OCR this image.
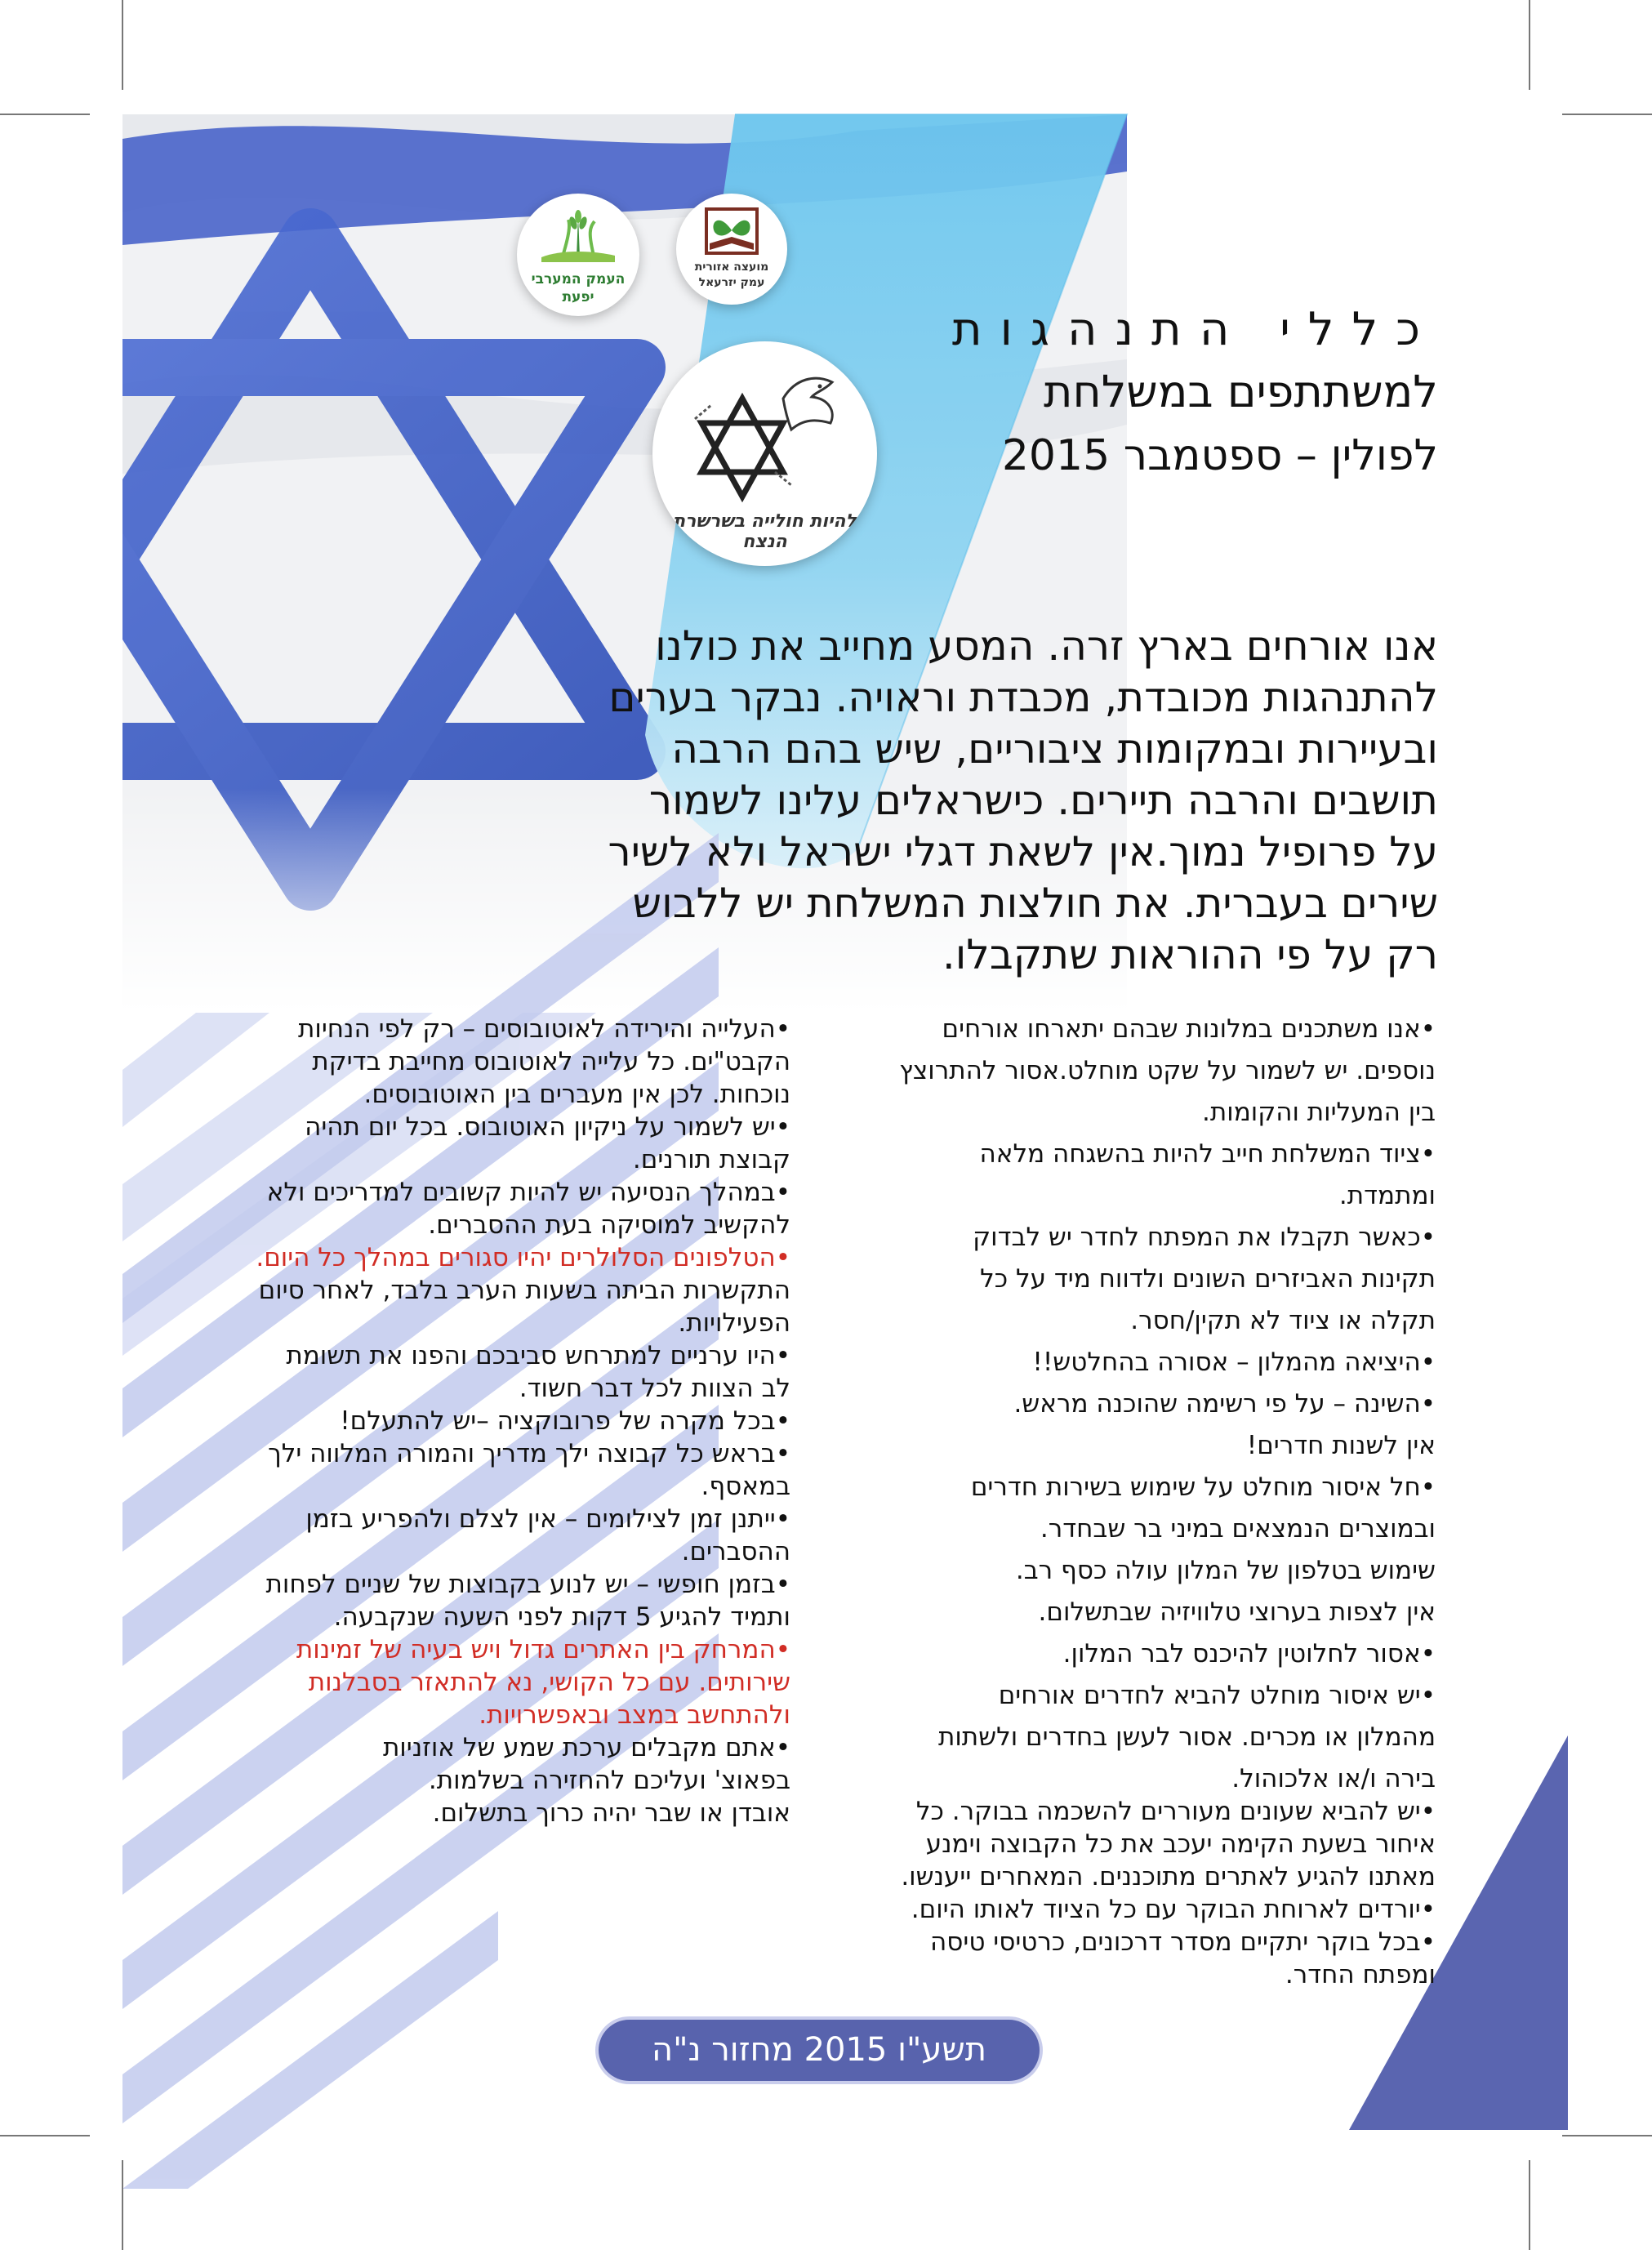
העמק המערבי
יפעת
מועצה אזורית
עמק יזרעאל
להיות חולייה בשרשרת הנצח
כללי התנהגות
למשתתפים במשלחת
לפולין – ספטמבר 2015

אנו אורחים בארץ זרה. המסע מחייב את כולנו
להתנהגות מכובדת, מכבדת וראויה. נבקר בערים
ובעיירות ובמקומות ציבוריים, שיש בהם הרבה
תושבים והרבה תיירים. כישראלים עלינו לשמור
על פרופיל נמוך.אין לשאת דגלי ישראל ולא לשיר
שירים בעברית. את חולצות המשלחת יש ללבוש
רק על פי ההוראות שתקבלו.

•אנו משתכנים במלונות שבהם יתארחו אורחים
נוספים. יש לשמור על שקט מוחלט.אסור להתרוצץ
בין המעליות והקומות.
•ציוד המשלחת חייב להיות בהשגחה מלאה
ומתמדת.
•כאשר תקבלו את המפתח לחדר יש לבדוק
תקינות האביזרים השונים ולדווח מיד על כל
תקלה או ציוד לא תקין/חסר.
•היציאה מהמלון – אסורה בהחלטש!!
•השינה – על פי רשימה שהוכנה מראש.
אין לשנות חדרים!
•חל איסור מוחלט על שימוש בשירות חדרים
ובמוצרים הנמצאים במיני בר שבחדר.
שימוש בטלפון של המלון עולה כסף רב.
אין לצפות בערוצי טלוויזיה שבתשלום.
•אסור לחלוטין להיכנס לבר המלון.
•יש איסור מוחלט להביא לחדרים אורחים
מהמלון או מכרים. אסור לעשן בחדרים ולשתות
בירה ו/או אלכוהול.
•יש להביא שעונים מעוררים להשכמה בבוקר. כל
איחור בשעת הקימה יעכב את כל הקבוצה וימנע
מאתנו להגיע לאתרים מתוכננים. המאחרים ייענשו.
•יורדים לארוחת הבוקר עם כל הציוד לאותו היום.
•בכל בוקר יתקיים מסדר דרכונים, כרטיסי טיסה
ומפתח החדר.
•העלייה והירידה לאוטובוסים – רק לפי הנחיות
הקבט"ים. כל עלייה לאוטובוס מחייבת בדיקת
נוכחות. לכן אין מעברים בין האוטובוסים.
•יש לשמור על ניקיון האוטובוס. בכל יום תהיה
קבוצת תורנים.
•במהלך הנסיעה יש להיות קשובים למדריכים ולא
להקשיב למוסיקה בעת ההסברים.
•הטלפונים הסלולרים יהיו סגורים במהלך כל היום.
התקשרות הביתה בשעות הערב בלבד, לאחר סיום
הפעילויות.
•היו ערניים למתרחש סביבכם והפנו את תשומת
לב הצוות לכל דבר חשוד.
•בכל מקרה של פרובוקציה –יש להתעלם!
•בראש כל קבוצה ילך מדריך והמורה המלווה ילך
במאסף.
•ייתנן זמן לצילומים – אין לצלם ולהפריע בזמן
ההסברים.
•בזמן חופשי – יש לנוע בקבוצות של שניים לפחות
ותמיד להגיע 5 דקות לפני השעה שנקבעה.
•המרחק בין האתרים גדול ויש בעיה של זמינות
שירותים. עם כל הקושי, נא להתאזר בסבלנות
ולהתחשב במצב ובאפשרויות.
•אתם מקבלים ערכת שמע של אוזניות
בפאוצ' ועליכם להחזירה בשלמות.
אובדן או שבר יהיה כרוך בתשלום.
תשע"ו 2015 מחזור נ"ה
